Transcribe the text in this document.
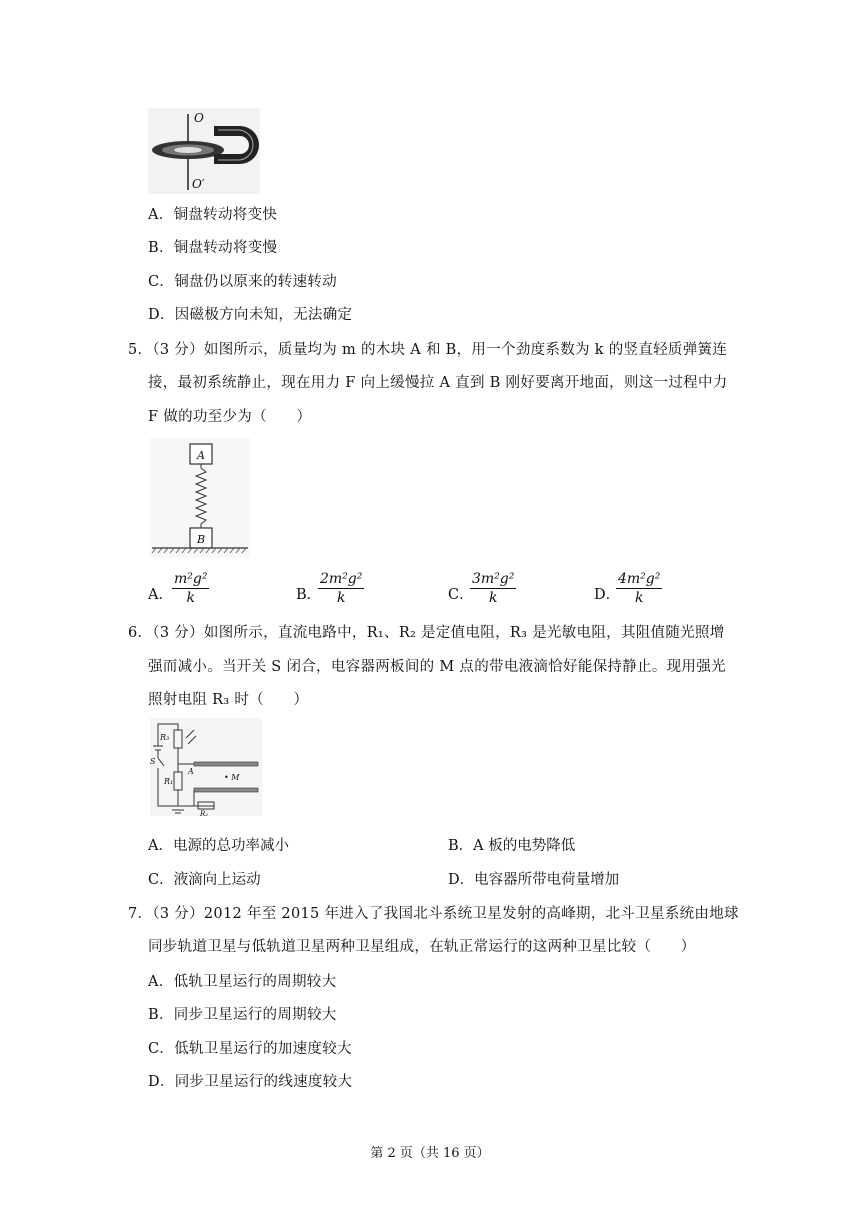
O
O′
A．铜盘转动将变快
B．铜盘转动将变慢
C．铜盘仍以原来的转速转动
D．因磁极方向未知，无法确定
5．（3 分）如图所示，质量均为 m 的木块 A 和 B，用一个劲度系数为 k 的竖直轻质弹簧连
接，最初系统静止，现在用力 F 向上缓慢拉 A 直到 B 刚好要离开地面，则这一过程中力
F 做的功至少为（　　）
A
B
A． $\frac{\text{m²g²}}{k}$	B．
$\frac{\text{2m²g²}}{k}$	C．
$\frac{\text{3m²g²}}{k}$	D．
$\frac{\text{4m²g²}}{k}$
6．（3 分）如图所示，直流电路中，R₁、R₂ 是定值电阻，R₃ 是光敏电阻，其阻值随光照增
强而减小。当开关 S 闭合，电容器两板间的 M 点的带电液滴恰好能保持静止。现用强光
照射电阻 R₃ 时（　　）
R₃
S
R₁
A
• M
R₂
A．电源的总功率减小	B．A 板的电势降低
C．液滴向上运动	D．电容器所带电荷量增加
7．（3 分）2012 年至 2015 年进入了我国北斗系统卫星发射的高峰期，北斗卫星系统由地球
同步轨道卫星与低轨道卫星两种卫星组成，在轨正常运行的这两种卫星比较（　　）
A．低轨卫星运行的周期较大
B．同步卫星运行的周期较大
C．低轨卫星运行的加速度较大
D．同步卫星运行的线速度较大
第 2 页（共 16 页）
